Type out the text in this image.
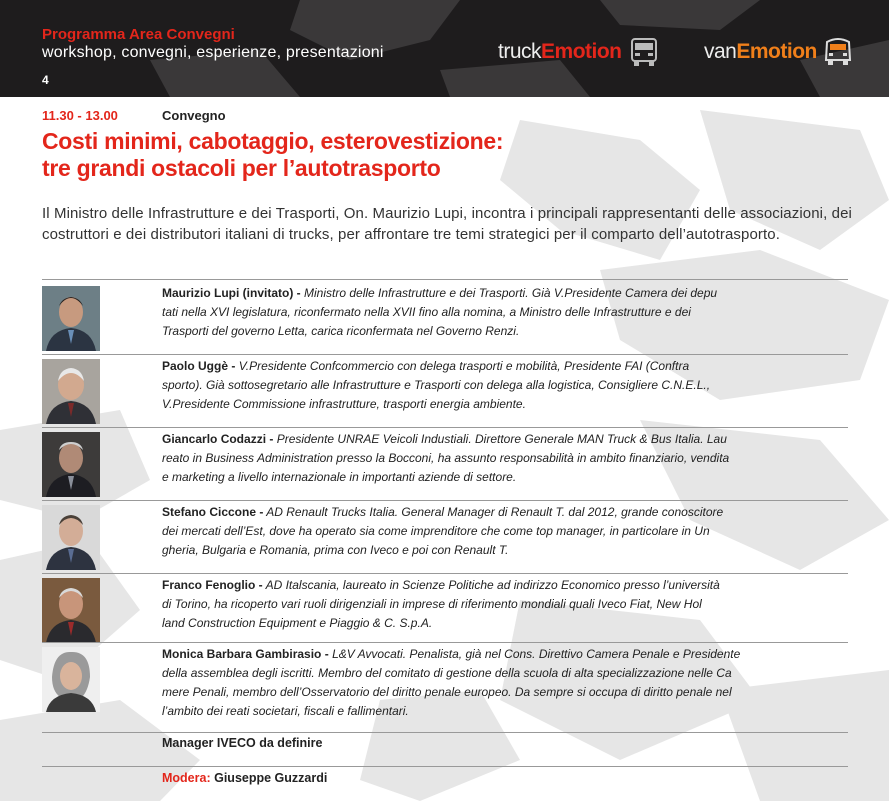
Programma Area Convegni
workshop, convegni, esperienze, presentazioni
4
truck Emotion	van Emotion
11.30 - 13.00	Convegno
Costi minimi, cabotaggio, esterovestizione:
tre grandi ostacoli per l’autotrasporto
Il Ministro delle Infrastrutture e dei Trasporti, On. Maurizio Lupi, incontra i principali rappresentanti delle associazioni, dei costruttori e dei distributori italiani di trucks, per affrontare tre temi strategici per il comparto dell’autotrasporto.
Maurizio Lupi (invitato) - Ministro delle Infrastrutture e dei Trasporti. Già V.Presidente Camera dei depu
tati nella XVI legislatura, riconfermato nella XVII fino alla nomina, a Ministro delle Infrastrutture e dei
Trasporti del governo Letta, carica riconfermata nel Governo Renzi.
Paolo Uggè - V.Presidente Confcommercio con delega trasporti e mobilità, Presidente FAI (Conftra
sporto). Già sottosegretario alle Infrastrutture e Trasporti con delega alla logistica, Consigliere C.N.E.L.,
V.Presidente Commissione infrastrutture, trasporti energia ambiente.
Giancarlo Codazzi - Presidente UNRAE Veicoli Industiali. Direttore Generale MAN Truck & Bus Italia. Lau
reato in Business Administration presso la Bocconi, ha assunto responsabilità in ambito finanziario, vendita
e marketing a livello internazionale in importanti aziende di settore.
Stefano Ciccone - AD Renault Trucks Italia. General Manager di Renault T. dal 2012, grande conoscitore
dei mercati dell’Est, dove ha operato sia come imprenditore che come top manager, in particolare in Un
gheria, Bulgaria e Romania, prima con Iveco e poi con Renault T.
Franco Fenoglio - AD Italscania, laureato in Scienze Politiche ad indirizzo Economico presso l’università
di Torino, ha ricoperto vari ruoli dirigenziali in imprese di riferimento mondiali quali Iveco Fiat, New Hol
land Construction Equipment e Piaggio & C. S.p.A.
Monica Barbara Gambirasio - L&V Avvocati. Penalista, già nel Cons. Direttivo Camera Penale e Presidente
della assemblea degli iscritti. Membro del comitato di gestione della scuola di alta specializzazione nelle Ca
mere Penali, membro dell’Osservatorio del diritto penale europeo. Da sempre si occupa di diritto penale nel
l’ambito dei reati societari, fiscali e fallimentari.
Manager IVECO da definire
Modera: Giuseppe Guzzardi
